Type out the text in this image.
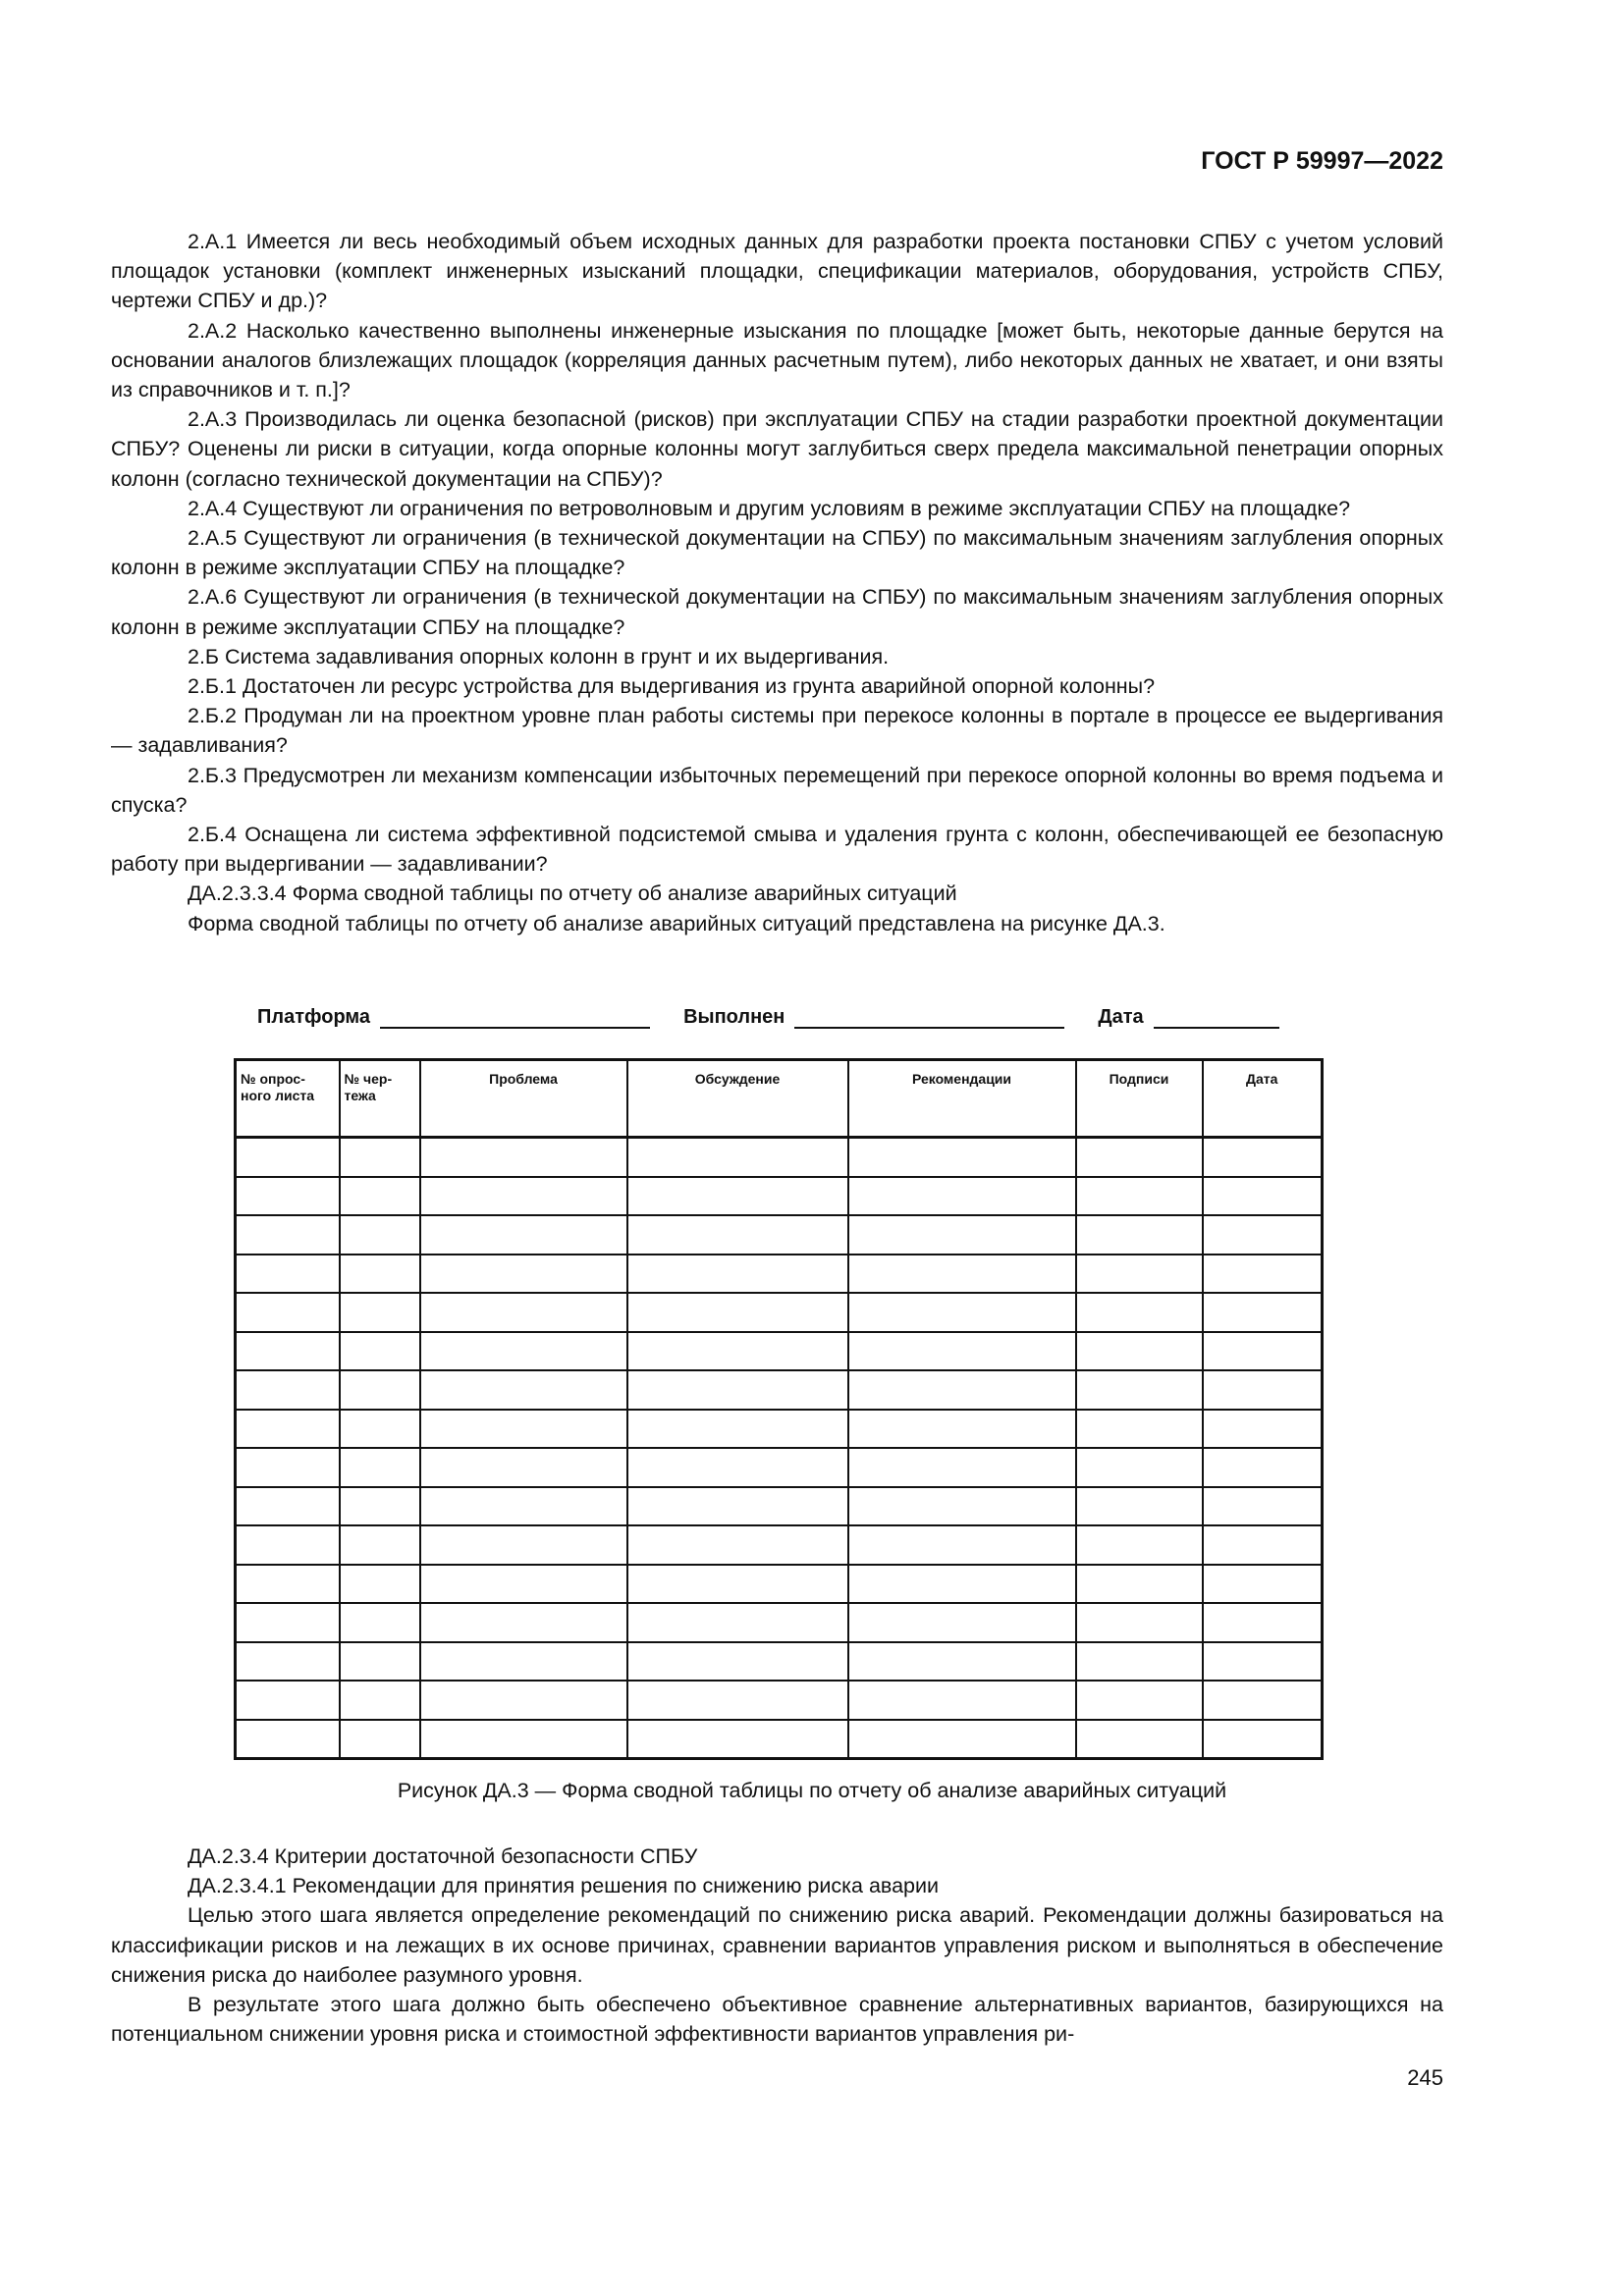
ГОСТ Р 59997—2022

2.А.1 Имеется ли весь необходимый объем исходных данных для разработки проекта постановки СПБУ с учетом условий площадок установки (комплект инженерных изысканий площадки, спецификации материалов, оборудования, устройств СПБУ, чертежи СПБУ и др.)?

2.А.2 Насколько качественно выполнены инженерные изыскания по площадке [может быть, некоторые данные берутся на основании аналогов близлежащих площадок (корреляция данных расчетным путем), либо некоторых данных не хватает, и они взяты из справочников и т. п.]?

2.А.3 Производилась ли оценка безопасной (рисков) при эксплуатации СПБУ на стадии разработки проектной документации СПБУ? Оценены ли риски в ситуации, когда опорные колонны могут заглубиться сверх предела максимальной пенетрации опорных колонн (согласно технической документации на СПБУ)?

2.А.4 Существуют ли ограничения по ветроволновым и другим условиям в режиме эксплуатации СПБУ на площадке?

2.А.5 Существуют ли ограничения (в технической документации на СПБУ) по максимальным значениям заглубления опорных колонн в режиме эксплуатации СПБУ на площадке?

2.А.6 Существуют ли ограничения (в технической документации на СПБУ) по максимальным значениям заглубления опорных колонн в режиме эксплуатации СПБУ на площадке?

2.Б Система задавливания опорных колонн в грунт и их выдергивания.

2.Б.1 Достаточен ли ресурс устройства для выдергивания из грунта аварийной опорной колонны?

2.Б.2 Продуман ли на проектном уровне план работы системы при перекосе колонны в портале в процессе ее выдергивания — задавливания?

2.Б.3 Предусмотрен ли механизм компенсации избыточных перемещений при перекосе опорной колонны во время подъема и спуска?

2.Б.4 Оснащена ли система эффективной подсистемой смыва и удаления грунта с колонн, обеспечивающей ее безопасную работу при выдергивании — задавливании?

ДА.2.3.3.4 Форма сводной таблицы по отчету об анализе аварийных ситуаций

Форма сводной таблицы по отчету об анализе аварийных ситуаций представлена на рисунке ДА.3.

Платформа	Выполнен	Дата
№ опрос-ного листа	№ чер-тежа	Проблема	Обсуждение	Рекомендации	Подписи	Дата

Рисунок ДА.3 — Форма сводной таблицы по отчету об анализе аварийных ситуаций

ДА.2.3.4 Критерии достаточной безопасности СПБУ

ДА.2.3.4.1 Рекомендации для принятия решения по снижению риска аварии

Целью этого шага является определение рекомендаций по снижению риска аварий. Рекомендации должны базироваться на классификации рисков и на лежащих в их основе причинах, сравнении вариантов управления риском и выполняться в обеспечение снижения риска до наиболее разумного уровня.

В результате этого шага должно быть обеспечено объективное сравнение альтернативных вариантов, базирующихся на потенциальном снижении уровня риска и стоимостной эффективности вариантов управления ри-

245
